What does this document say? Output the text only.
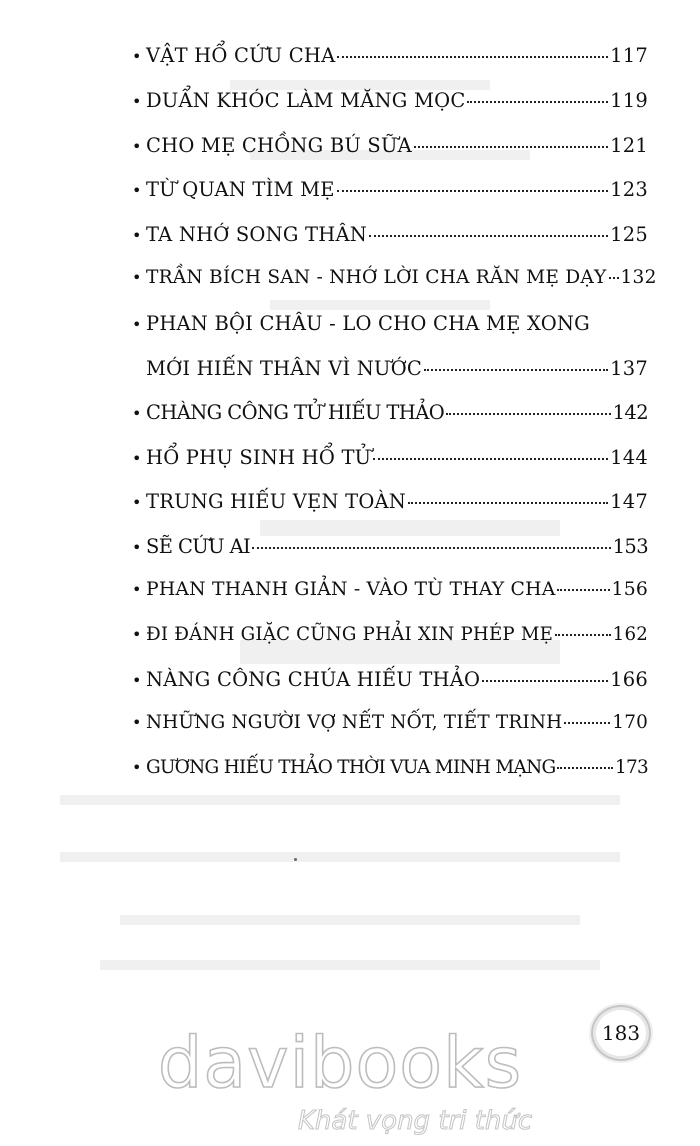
• VẬT HỔ CỨU CHA	117
• DUẨN KHÓC LÀM MĂNG MỌC	119
• CHO MẸ CHỒNG BÚ SỮA	121
• TỪ QUAN TÌM MẸ	123
• TA NHỚ SONG THÂN	125
• TRẦN BÍCH SAN - NHỚ LỜI CHA RĂN MẸ DẠY 132
• PHAN BỘI CHÂU - LO CHO CHA MẸ XONG
MỚI HIẾN THÂN VÌ NƯỚC	137
• CHÀNG CÔNG TỬ HIẾU THẢO	142
• HỔ PHỤ SINH HỔ TỬ	144
• TRUNG HIẾU VẸN TOÀN	147
• SẼ CỨU AI	153
• PHAN THANH GIẢN - VÀO TÙ THAY CHA	156
• ĐI ĐÁNH GIẶC CŨNG PHẢI XIN PHÉP MẸ	162
• NÀNG CÔNG CHÚA HIẾU THẢO	166
• NHỮNG NGƯỜI VỢ NẾT NỐT, TIẾT TRINH	170
• GƯƠNG HIẾU THẢO THỜI VUA MINH MẠNG	173
183
davibooks
Khát vọng tri thức
